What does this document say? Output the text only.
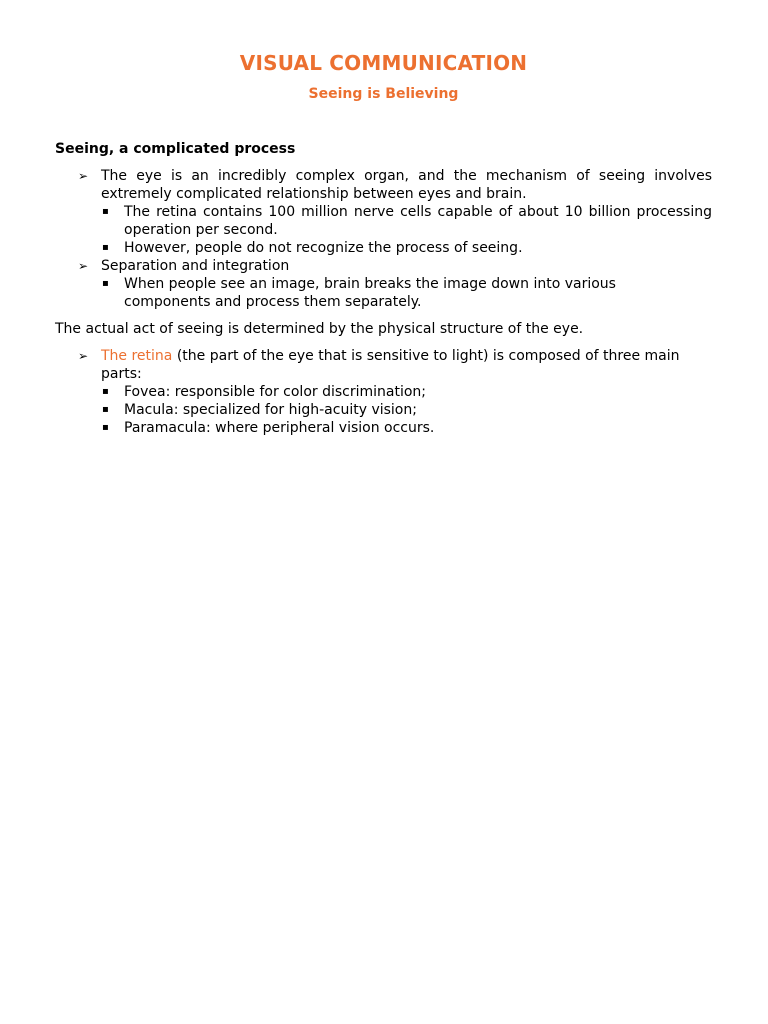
VISUAL COMMUNICATION
Seeing is Believing
Seeing, a complicated process
➢ The eye is an incredibly complex organ, and the mechanism of seeing involves extremely complicated relationship between eyes and brain.
▪ The retina contains 100 million nerve cells capable of about 10 billion processing operation per second.
▪ However, people do not recognize the process of seeing.
➢ Separation and integration
▪ When people see an image, brain breaks the image down into various components and process them separately.
The actual act of seeing is determined by the physical structure of the eye.
➢ The retina (the part of the eye that is sensitive to light) is composed of three main parts:
▪ Fovea: responsible for color discrimination;
▪ Macula: specialized for high-acuity vision;
▪ Paramacula: where peripheral vision occurs.
